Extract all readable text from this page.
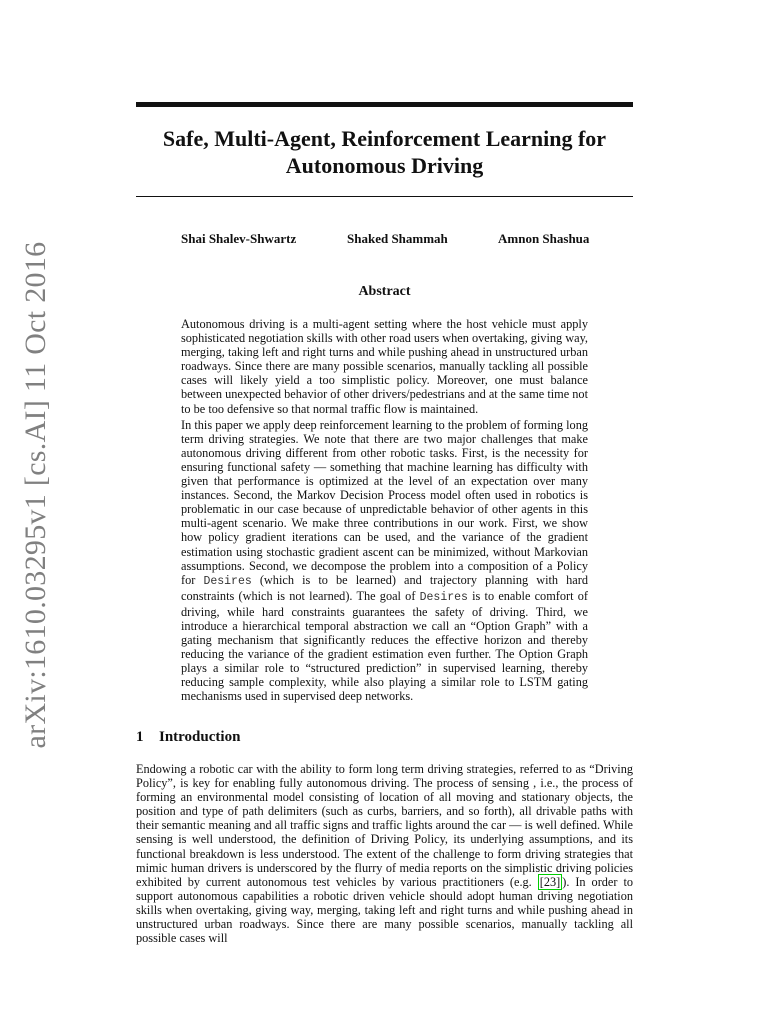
arXiv:1610.03295v1 [cs.AI] 11 Oct 2016
Safe, Multi-Agent, Reinforcement Learning for
Autonomous Driving
Shai Shalev-Shwartz	Shaked Shammah	Amnon Shashua
Abstract

Autonomous driving is a multi-agent setting where the host vehicle must apply sophisticated negotiation skills with other road users when overtaking, giving way, merging, taking left and right turns and while pushing ahead in unstructured urban roadways. Since there are many possible scenarios, manually tackling all possible cases will likely yield a too simplistic policy. Moreover, one must balance between unexpected behavior of other drivers/pedestrians and at the same time not to be too defensive so that normal traffic flow is maintained.

In this paper we apply deep reinforcement learning to the problem of forming long term driving strategies. We note that there are two major challenges that make autonomous driving different from other robotic tasks. First, is the necessity for ensuring functional safety — something that machine learning has difficulty with given that performance is optimized at the level of an expectation over many instances. Second, the Markov Decision Process model often used in robotics is problematic in our case because of unpredictable behavior of other agents in this multi-agent scenario. We make three contributions in our work. First, we show how policy gradient iterations can be used, and the variance of the gradient estimation using stochastic gradient ascent can be minimized, without Markovian assumptions. Second, we decompose the problem into a composition of a Policy for Desires (which is to be learned) and trajectory planning with hard constraints (which is not learned). The goal of Desires is to enable comfort of driving, while hard constraints guarantees the safety of driving. Third, we introduce a hierarchical temporal abstraction we call an “Option Graph” with a gating mechanism that significantly reduces the effective horizon and thereby reducing the variance of the gradient estimation even further. The Option Graph plays a similar role to “structured prediction” in supervised learning, thereby reducing sample complexity, while also playing a similar role to LSTM gating mechanisms used in supervised deep networks.

1 Introduction

Endowing a robotic car with the ability to form long term driving strategies, referred to as “Driving Policy”, is key for enabling fully autonomous driving. The process of sensing , i.e., the process of forming an environmental model consisting of location of all moving and stationary objects, the position and type of path delimiters (such as curbs, barriers, and so forth), all drivable paths with their semantic meaning and all traffic signs and traffic lights around the car — is well defined. While sensing is well understood, the definition of Driving Policy, its underlying assumptions, and its functional breakdown is less understood. The extent of the challenge to form driving strategies that mimic human drivers is underscored by the flurry of media reports on the simplistic driving policies exhibited by current autonomous test vehicles by various practitioners (e.g. [23] ). In order to support autonomous capabilities a robotic driven vehicle should adopt human driving negotiation skills when overtaking, giving way, merging, taking left and right turns and while pushing ahead in unstructured urban roadways. Since there are many possible scenarios, manually tackling all possible cases will
